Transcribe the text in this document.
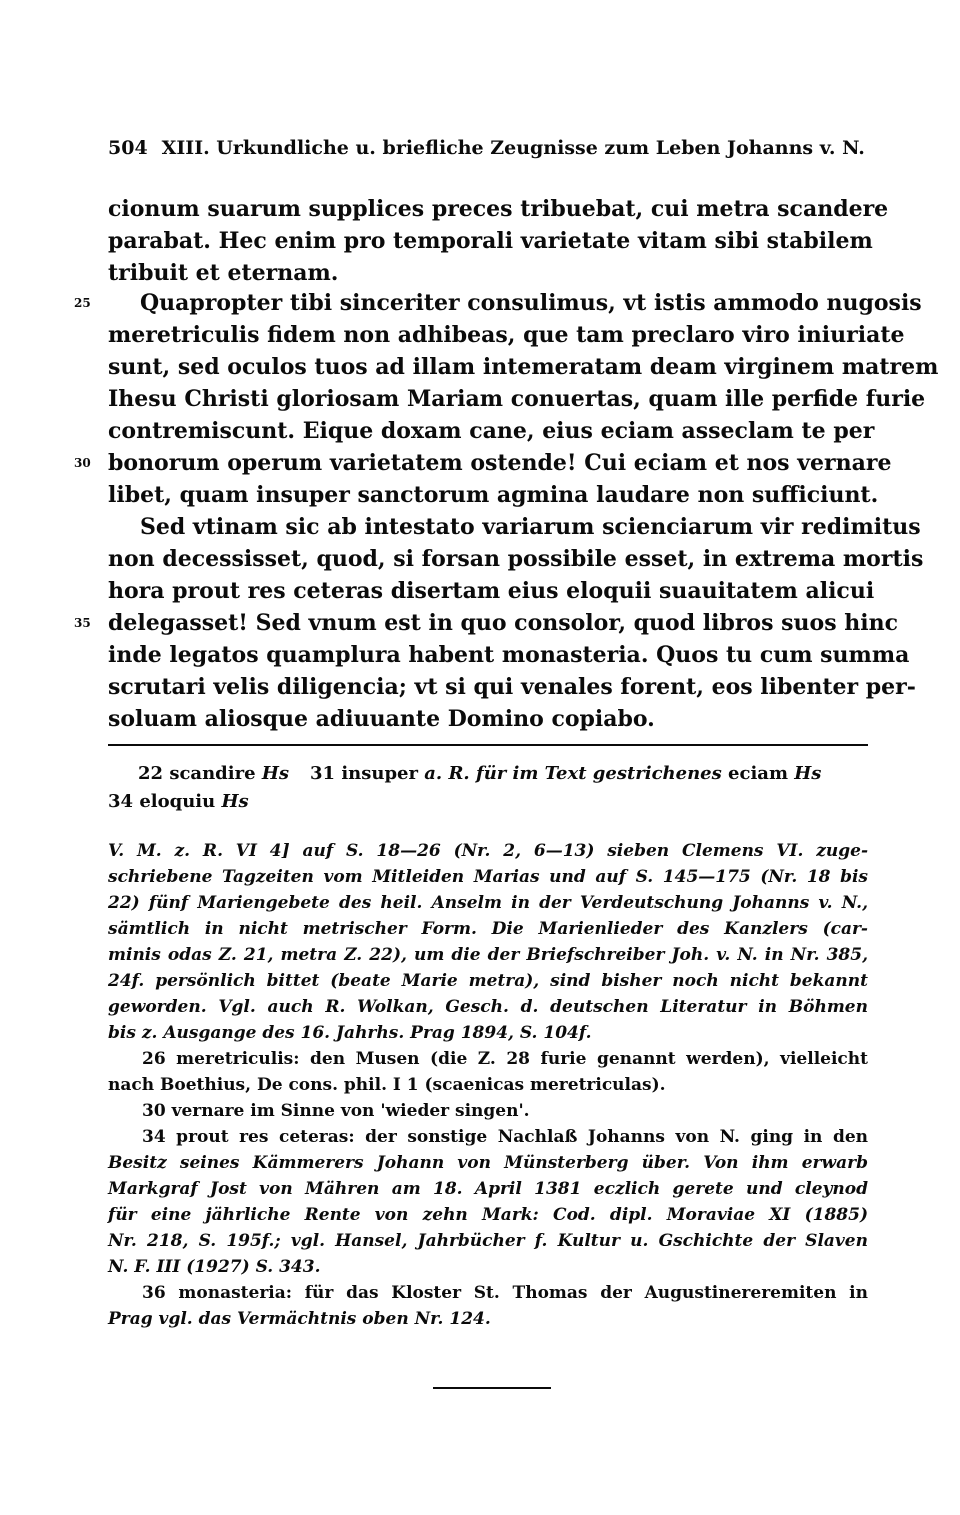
504 XIII. Urkundliche u. briefliche Zeugnisse zum Leben Johanns v. N.
cionum suarum supplices preces tribuebat, cui metra scandere
parabat. Hec enim pro temporali varietate vitam sibi stabilem
tribuit et eternam.
25	Quapropter tibi sinceriter consulimus, vt istis ammodo nugosis
meretriculis fidem non adhibeas, que tam preclaro viro iniuriate
sunt, sed oculos tuos ad illam intemeratam deam virginem matrem
Ihesu Christi gloriosam Mariam conuertas, quam ille perfide furie
contremiscunt. Eique doxam cane, eius eciam asseclam te per
30 bonorum operum varietatem ostende! Cui eciam et nos vernare
libet, quam insuper sanctorum agmina laudare non sufficiunt.
Sed vtinam sic ab intestato variarum scienciarum vir redimitus
non decessisset, quod, si forsan possibile esset, in extrema mortis
hora prout res ceteras disertam eius eloquii suauitatem alicui
35 delegasset! Sed vnum est in quo consolor, quod libros suos hinc
inde legatos quamplura habent monasteria. Quos tu cum summa
scrutari velis diligencia; vt si qui venales forent, eos libenter per-
soluam aliosque adiuuante Domino copiabo.
22 scandire Hs 31 insuper a. R. für im Text gestrichenes eciam Hs
34 eloquiu Hs
V. M. z. R. VI 4] auf S. 18—26 (Nr. 2, 6—13) sieben Clemens VI. zuge-
schriebene Tagzeiten vom Mitleiden Marias und auf S. 145—175 (Nr. 18 bis
22) fünf Mariengebete des heil. Anselm in der Verdeutschung Johanns v. N.,
sämtlich in nicht metrischer Form. Die Marienlieder des Kanzlers (car-
minis odas Z. 21, metra Z. 22), um die der Briefschreiber Joh. v. N. in Nr. 385,
24f. persönlich bittet (beate Marie metra), sind bisher noch nicht bekannt
geworden. Vgl. auch R. Wolkan, Gesch. d. deutschen Literatur in Böhmen
bis z. Ausgange des 16. Jahrhs. Prag 1894, S. 104f.
26 meretriculis: den Musen (die Z. 28 furie genannt werden), vielleicht
nach Boethius, De cons. phil. I 1 (scaenicas meretriculas).
30 vernare im Sinne von 'wieder singen'.
34 prout res ceteras: der sonstige Nachlaß Johanns von N. ging in den
Besitz seines Kämmerers Johann von Münsterberg über. Von ihm erwarb
Markgraf Jost von Mähren am 18. April 1381 eczlich gerete und cleynod
für eine jährliche Rente von zehn Mark: Cod. dipl. Moraviae XI (1885)
Nr. 218, S. 195f.; vgl. Hansel, Jahrbücher f. Kultur u. Gschichte der Slaven
N. F. III (1927) S. 343.
36 monasteria: für das Kloster St. Thomas der Augustinereremiten in
Prag vgl. das Vermächtnis oben Nr. 124.
